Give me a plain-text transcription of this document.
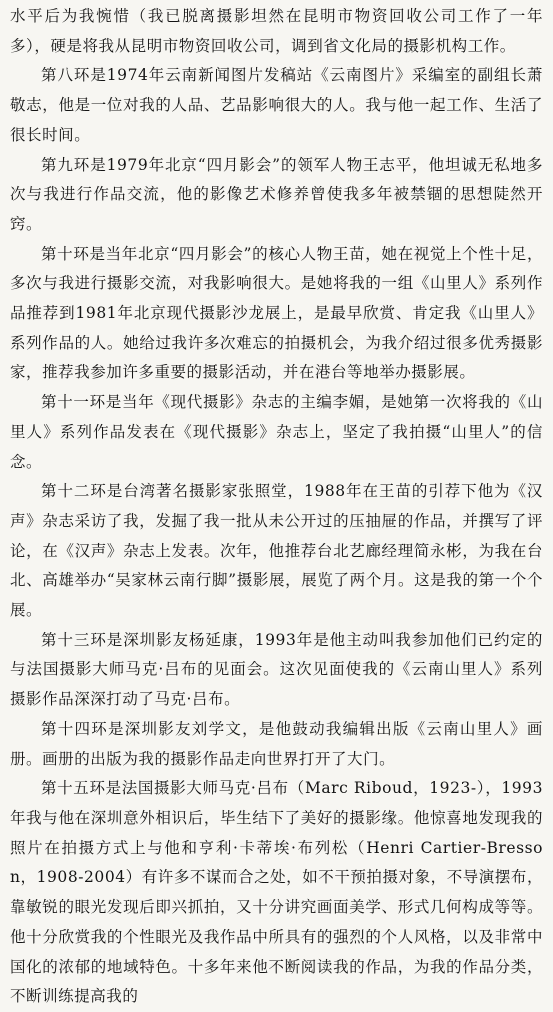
水平后为我惋惜（我已脱离摄影坦然在昆明市物资回收公司工作了一年多），硬是将我从昆明市物资回收公司，调到省文化局的摄影机构工作。

第八环是1974年云南新闻图片发稿站《云南图片》采编室的副组长萧敬志，他是一位对我的人品、艺品影响很大的人。我与他一起工作、生活了很长时间。

第九环是1979年北京“四月影会”的领军人物王志平，他坦诚无私地多次与我进行作品交流，他的影像艺术修养曾使我多年被禁锢的思想陡然开窍。

第十环是当年北京“四月影会”的核心人物王苗，她在视觉上个性十足，多次与我进行摄影交流，对我影响很大。是她将我的一组《山里人》系列作品推荐到1981年北京现代摄影沙龙展上，是最早欣赏、肯定我《山里人》系列作品的人。她给过我许多次难忘的拍摄机会，为我介绍过很多优秀摄影家，推荐我参加许多重要的摄影活动，并在港台等地举办摄影展。

第十一环是当年《现代摄影》杂志的主编李媚，是她第一次将我的《山里人》系列作品发表在《现代摄影》杂志上，坚定了我拍摄“山里人”的信念。

第十二环是台湾著名摄影家张照堂，1988年在王苗的引荐下他为《汉声》杂志采访了我，发掘了我一批从未公开过的压抽屉的作品，并撰写了评论，在《汉声》杂志上发表。次年，他推荐台北艺廊经理简永彬，为我在台北、高雄举办“吴家林云南行脚”摄影展，展览了两个月。这是我的第一个个展。

第十三环是深圳影友杨延康，1993年是他主动叫我参加他们已约定的与法国摄影大师马克·吕布的见面会。这次见面使我的《云南山里人》系列摄影作品深深打动了马克·吕布。

第十四环是深圳影友刘学文，是他鼓动我编辑出版《云南山里人》画册。画册的出版为我的摄影作品走向世界打开了大门。

第十五环是法国摄影大师马克·吕布（Marc Riboud，1923-），1993年我与他在深圳意外相识后，毕生结下了美好的摄影缘。他惊喜地发现我的照片在拍摄方式上与他和亨利·卡蒂埃·布列松（Henri Cartier-Bresson，1908-2004）有许多不谋而合之处，如不干预拍摄对象，不导演摆布，靠敏锐的眼光发现后即兴抓拍，又十分讲究画面美学、形式几何构成等等。他十分欣赏我的个性眼光及我作品中所具有的强烈的个人风格，以及非常中国化的浓郁的地域特色。十多年来他不断阅读我的作品，为我的作品分类，不断训练提高我的
